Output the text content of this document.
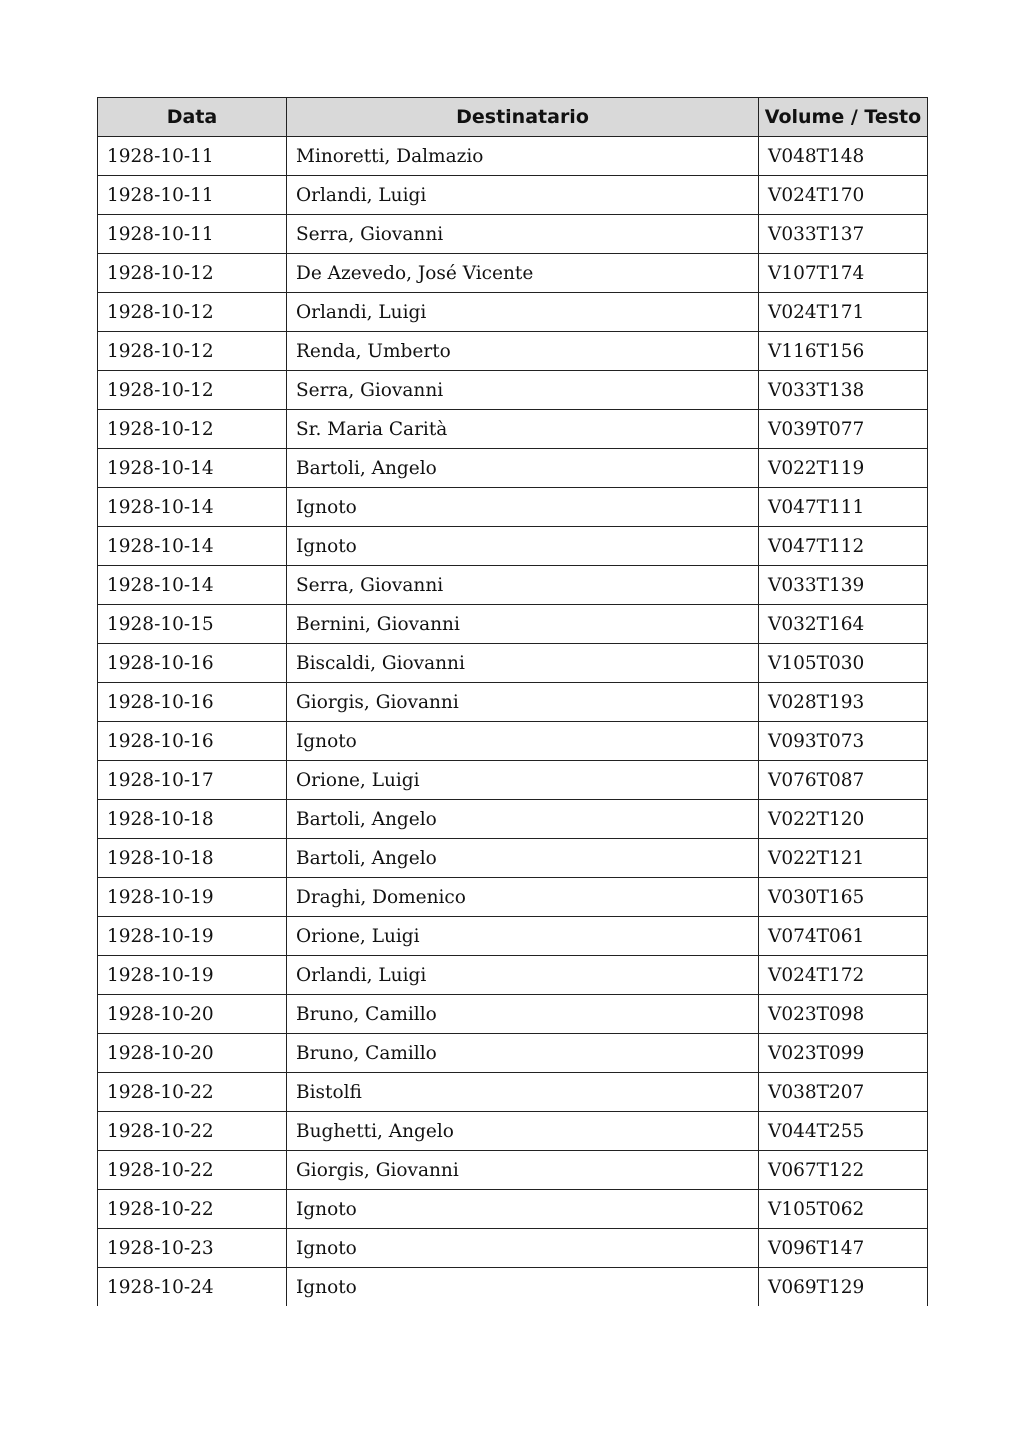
Data	Destinatario	Volume / Testo
1928-10-11	Minoretti, Dalmazio	V048T148
1928-10-11	Orlandi, Luigi	V024T170
1928-10-11	Serra, Giovanni	V033T137
1928-10-12	De Azevedo, José Vicente	V107T174
1928-10-12	Orlandi, Luigi	V024T171
1928-10-12	Renda, Umberto	V116T156
1928-10-12	Serra, Giovanni	V033T138
1928-10-12	Sr. Maria Carità	V039T077
1928-10-14	Bartoli, Angelo	V022T119
1928-10-14	Ignoto	V047T111
1928-10-14	Ignoto	V047T112
1928-10-14	Serra, Giovanni	V033T139
1928-10-15	Bernini, Giovanni	V032T164
1928-10-16	Biscaldi, Giovanni	V105T030
1928-10-16	Giorgis, Giovanni	V028T193
1928-10-16	Ignoto	V093T073
1928-10-17	Orione, Luigi	V076T087
1928-10-18	Bartoli, Angelo	V022T120
1928-10-18	Bartoli, Angelo	V022T121
1928-10-19	Draghi, Domenico	V030T165
1928-10-19	Orione, Luigi	V074T061
1928-10-19	Orlandi, Luigi	V024T172
1928-10-20	Bruno, Camillo	V023T098
1928-10-20	Bruno, Camillo	V023T099
1928-10-22	Bistolfi	V038T207
1928-10-22	Bughetti, Angelo	V044T255
1928-10-22	Giorgis, Giovanni	V067T122
1928-10-22	Ignoto	V105T062
1928-10-23	Ignoto	V096T147
1928-10-24	Ignoto	V069T129
